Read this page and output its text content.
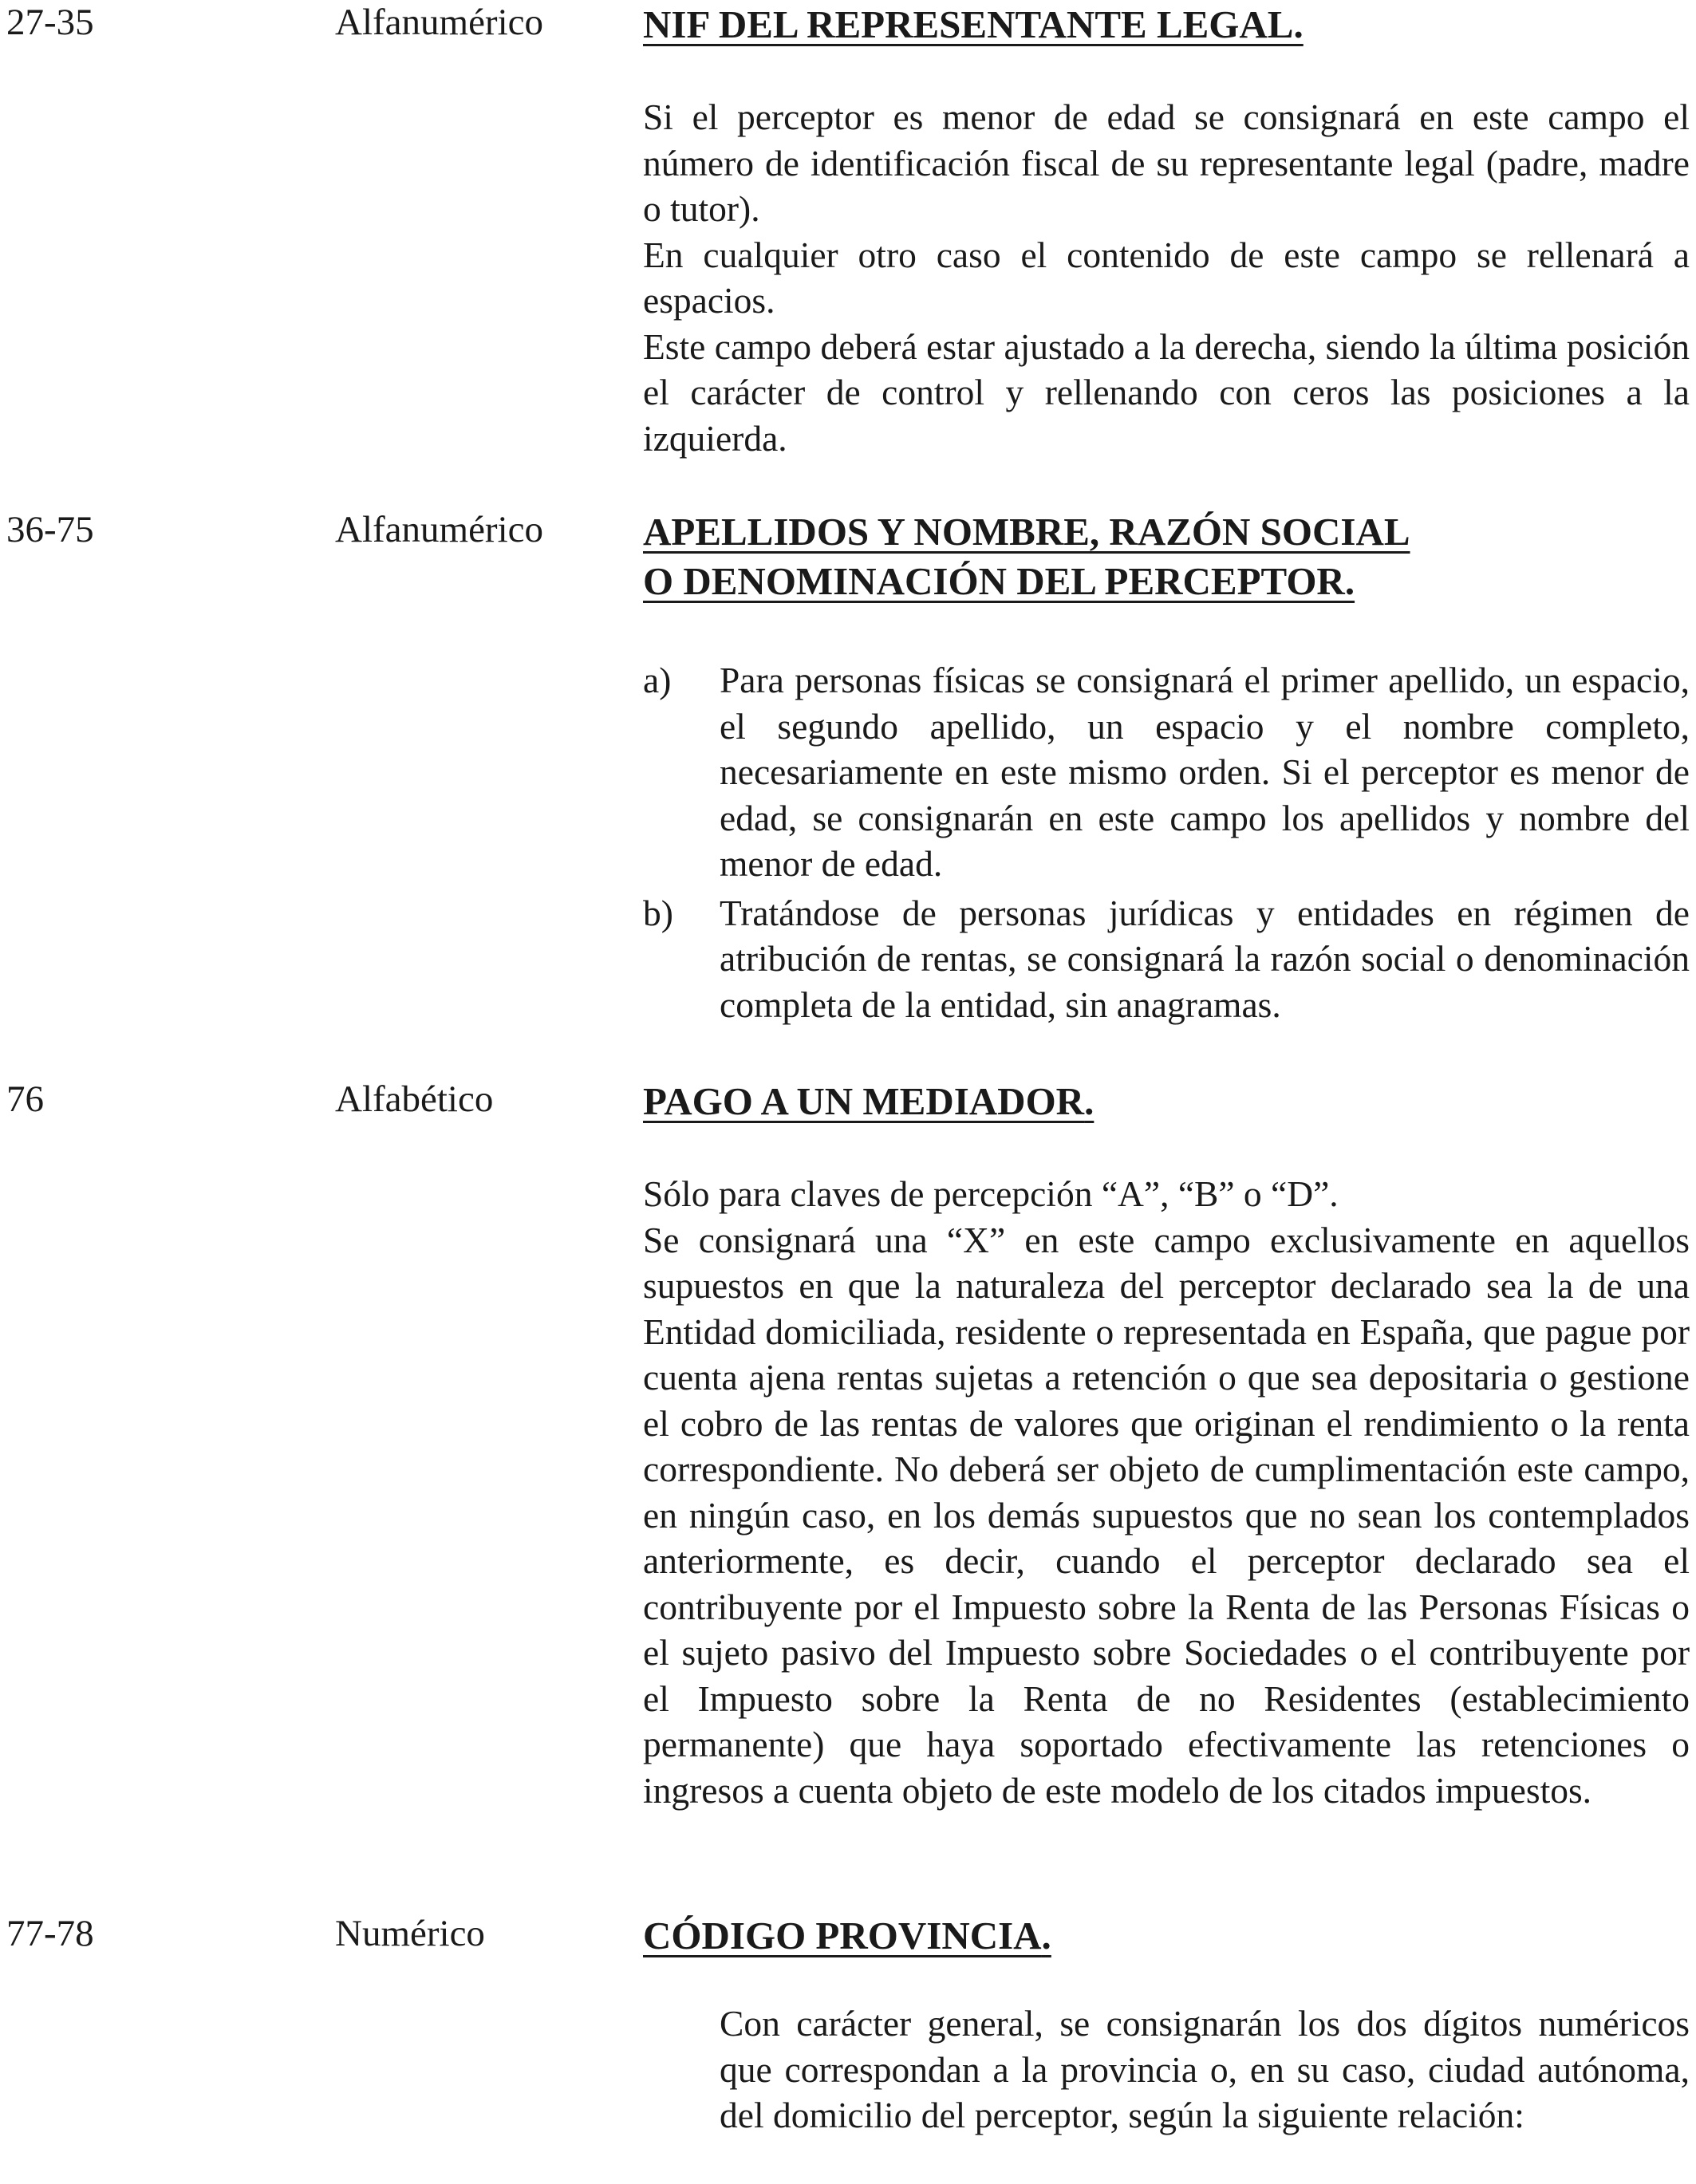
27-35	Alfanumérico	NIF DEL REPRESENTANTE LEGAL.

Si el perceptor es menor de edad se consignará en este campo el número de identificación fiscal de su representante legal (padre, madre o tutor).

En cualquier otro caso el contenido de este campo se rellenará a espacios.

Este campo deberá estar ajustado a la derecha, siendo la última posición el carácter de control y rellenando con ceros las posiciones a la izquierda.

36-75	Alfanumérico	APELLIDOS Y NOMBRE, RAZÓN SOCIAL
O DENOMINACIÓN DEL PERCEPTOR.
a) Para personas físicas se consignará el primer apellido, un espacio, el segundo apellido, un espacio y el nombre completo, necesariamente en este mismo orden. Si el perceptor es menor de edad, se consignarán en este campo los apellidos y nombre del menor de edad.
b) Tratándose de personas jurídicas y entidades en régimen de atribución de rentas, se consignará la razón social o denominación completa de la entidad, sin anagramas.
76	Alfabético	PAGO A UN MEDIADOR.

Sólo para claves de percepción “A”, “B” o “D”.

Se consignará una “X” en este campo exclusivamente en aquellos supuestos en que la naturaleza del perceptor declarado sea la de una Entidad domiciliada, residente o representada en España, que pague por cuenta ajena rentas sujetas a retención o que sea depositaria o gestione el cobro de las rentas de valores que originan el rendimiento o la renta correspondiente. No deberá ser objeto de cumplimentación este campo, en ningún caso, en los demás supuestos que no sean los contemplados anteriormente, es decir, cuando el perceptor declarado sea el contribuyente por el Impuesto sobre la Renta de las Personas Físicas o el sujeto pasivo del Impuesto sobre Sociedades o el contribuyente por el Impuesto sobre la Renta de no Residentes (establecimiento permanente) que haya soportado efectivamente las retenciones o ingresos a cuenta objeto de este modelo de los citados impuestos.

77-78	Numérico	CÓDIGO PROVINCIA.

Con carácter general, se consignarán los dos dígitos numéricos que correspondan a la provincia o, en su caso, ciudad autónoma, del domicilio del perceptor, según la siguiente relación:
